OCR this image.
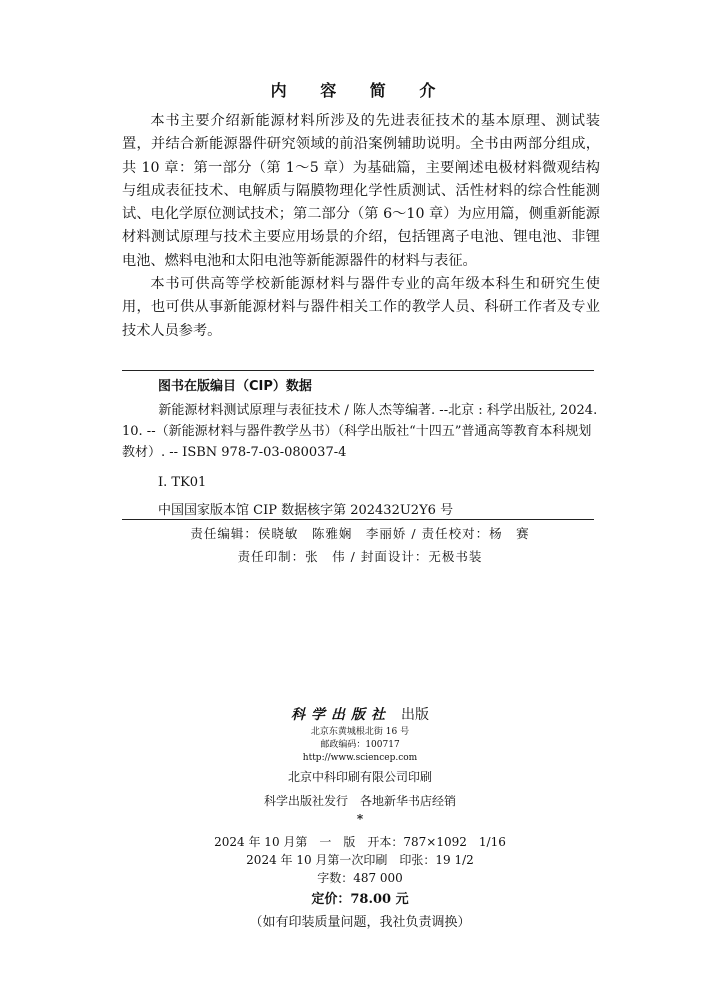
内 容 简 介

本书主要介绍新能源材料所涉及的先进表征技术的基本原理、测试装置，并结合新能源器件研究领域的前沿案例辅助说明。全书由两部分组成，共 10 章：第一部分（第 1～5 章）为基础篇，主要阐述电极材料微观结构与组成表征技术、电解质与隔膜物理化学性质测试、活性材料的综合性能测试、电化学原位测试技术；第二部分（第 6～10 章）为应用篇，侧重新能源材料测试原理与技术主要应用场景的介绍，包括锂离子电池、锂电池、非锂电池、燃料电池和太阳电池等新能源器件的材料与表征。

本书可供高等学校新能源材料与器件专业的高年级本科生和研究生使用，也可供从事新能源材料与器件相关工作的教学人员、科研工作者及专业技术人员参考。

图书在版编目（CIP）数据
新能源材料测试原理与表征技术 / 陈人杰等编著. --北京 : 科学出版社, 2024. 10. --（新能源材料与器件教学丛书）（科学出版社“十四五”普通高等教育本科规划教材）. -- ISBN 978-7-03-080037-4
Ⅰ. TK01
中国国家版本馆 CIP 数据核字第 202432U2Y6 号
责任编辑：侯晓敏　陈雅娴　李丽娇 / 责任校对：杨　赛
责任印制：张　伟 / 封面设计：无极书装
科学出版社 出版
北京东黄城根北街 16 号
邮政编码：100717
http://www.sciencep.com
北京中科印刷有限公司印刷
科学出版社发行　各地新华书店经销
*
2024 年 10 月第　一　版　开本：787×1092　1/16
2024 年 10 月第一次印刷　印张：19 1/2
字数：487 000
定价：78.00 元
（如有印装质量问题，我社负责调换）
